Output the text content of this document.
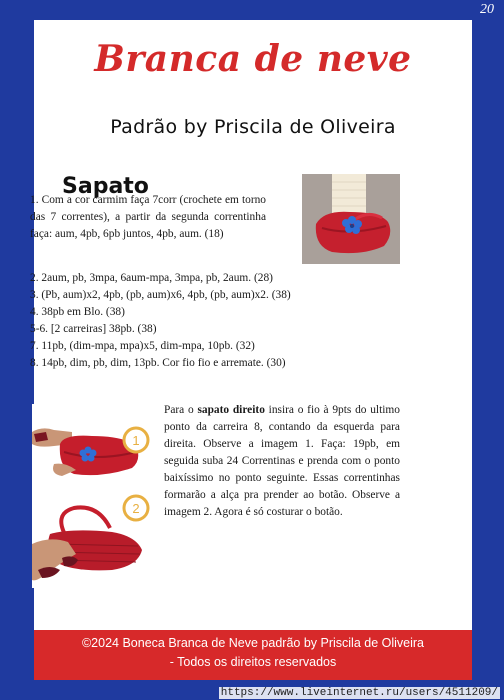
20
Branca de neve
Padrão by Priscila de Oliveira
Sapato
1. Com a cor carmim faça 7corr (crochete em torno das 7 correntes), a partir da segunda correntinha faça: aum, 4pb, 6pb juntos, 4pb, aum. (18)
2. 2aum, pb, 3mpa, 6aum-mpa, 3mpa, pb, 2aum. (28)
3. (Pb, aum)x2, 4pb, (pb, aum)x6, 4pb, (pb, aum)x2. (38)
4. 38pb em Blo. (38)
5-6. [2 carreiras] 38pb. (38)
7. 11pb, (dim-mpa, mpa)x5, dim-mpa, 10pb. (32)
8. 14pb, dim, pb, dim, 13pb. Cor fio fio e arremate. (30)
1
2
Para o sapato direito insira o fio à 9pts do ultimo ponto da carreira 8, contando da esquerda para direita. Observe a imagem 1. Faça: 19pb, em seguida suba 24 Correntinas e prenda com o ponto baixíssimo no ponto seguinte. Essas correntinhas formarão a alça pra prender ao botão. Observe a imagem 2. Agora é só costurar o botão.
©2024 Boneca Branca de Neve padrão by Priscila de Oliveira
- Todos os direitos reservados
https://www.liveinternet.ru/users/4511209/
